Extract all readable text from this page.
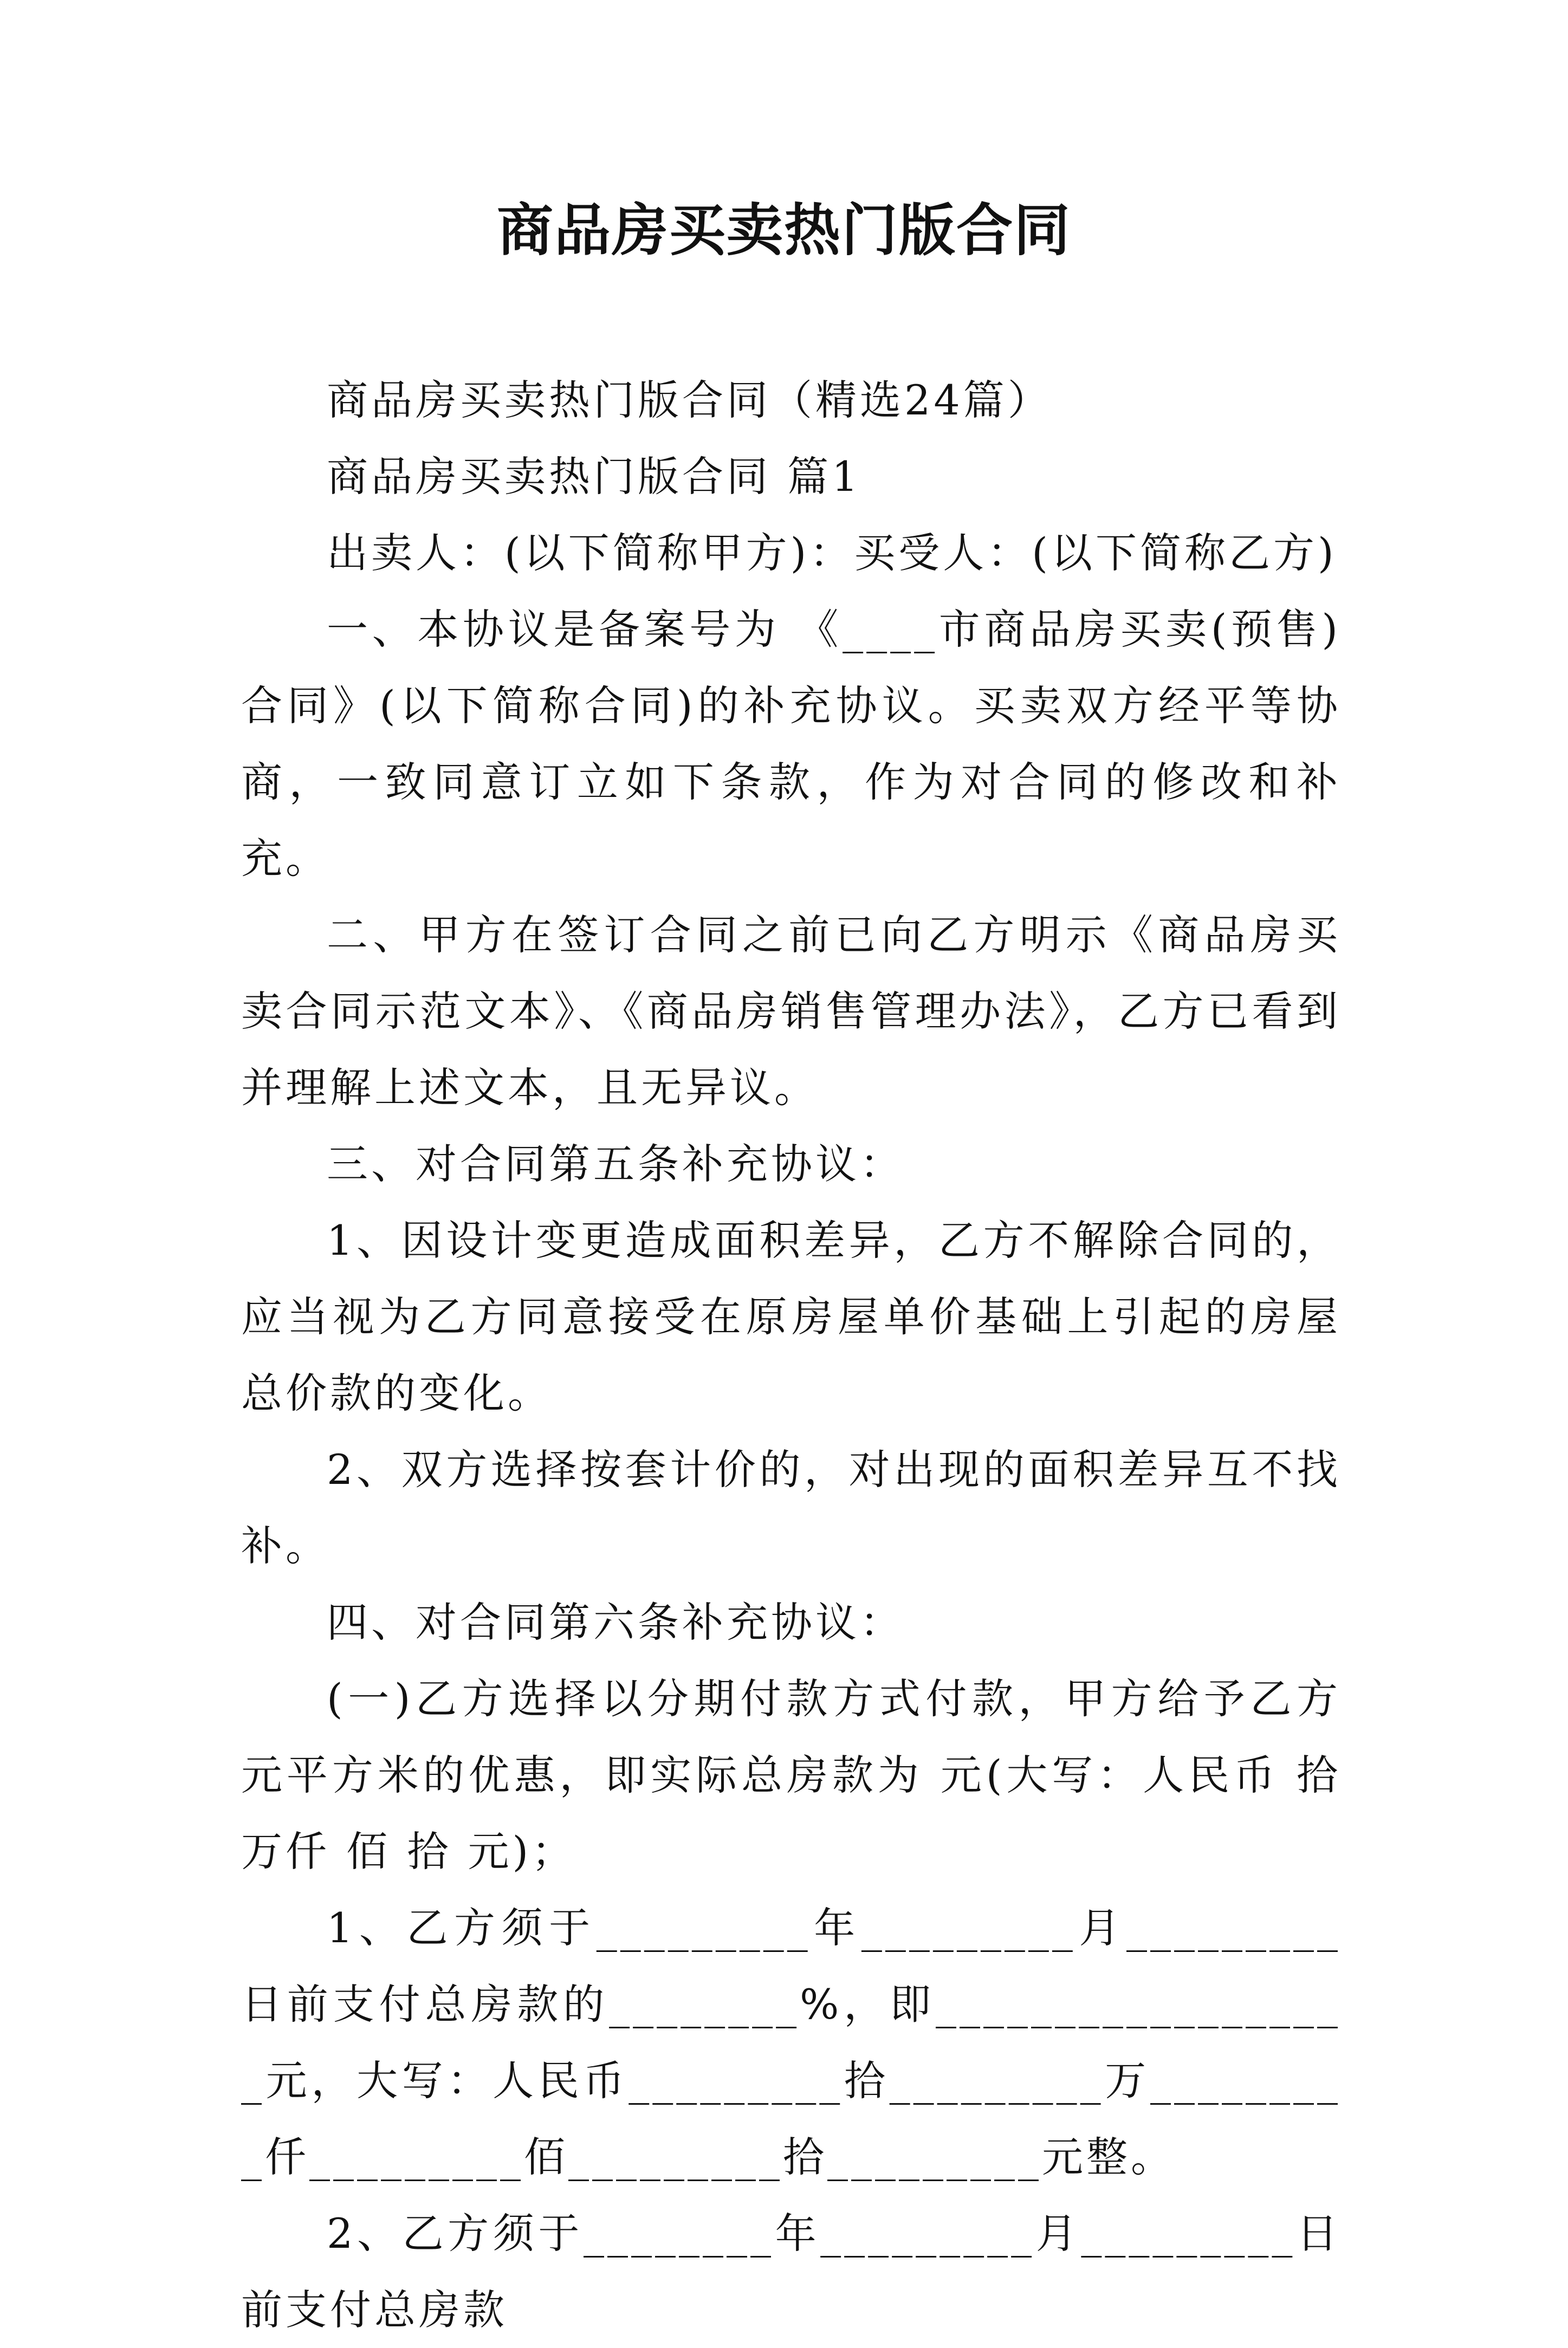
商品房买卖热门版合同

商品房买卖热门版合同（精选24篇）

商品房买卖热门版合同 篇1

出卖人：(以下简称甲方)：买受人：(以下简称乙方)

一、本协议是备案号为 《____市商品房买卖(预售)合同》(以下简称合同)的补充协议。买卖双方经平等协商，一致同意订立如下条款，作为对合同的修改和补充。

二、甲方在签订合同之前已向乙方明示《商品房买卖合同示范文本》、《商品房销售管理办法》，乙方已看到并理解上述文本，且无异议。

三、对合同第五条补充协议：

1、因设计变更造成面积差异，乙方不解除合同的，应当视为乙方同意接受在原房屋单价基础上引起的房屋总价款的变化。

2、双方选择按套计价的，对出现的面积差异互不找补。

四、对合同第六条补充协议：

(一)乙方选择以分期付款方式付款，甲方给予乙方 元平方米的优惠，即实际总房款为 元(大写：人民币 拾 万仟 佰 拾 元)；

1、乙方须于_________年_________月_________日前支付总房款的________%，即__________________元，大写：人民币_________拾_________万_________仟_________佰_________拾_________元整。

2、乙方须于________年_________月_________日前支付总房款
